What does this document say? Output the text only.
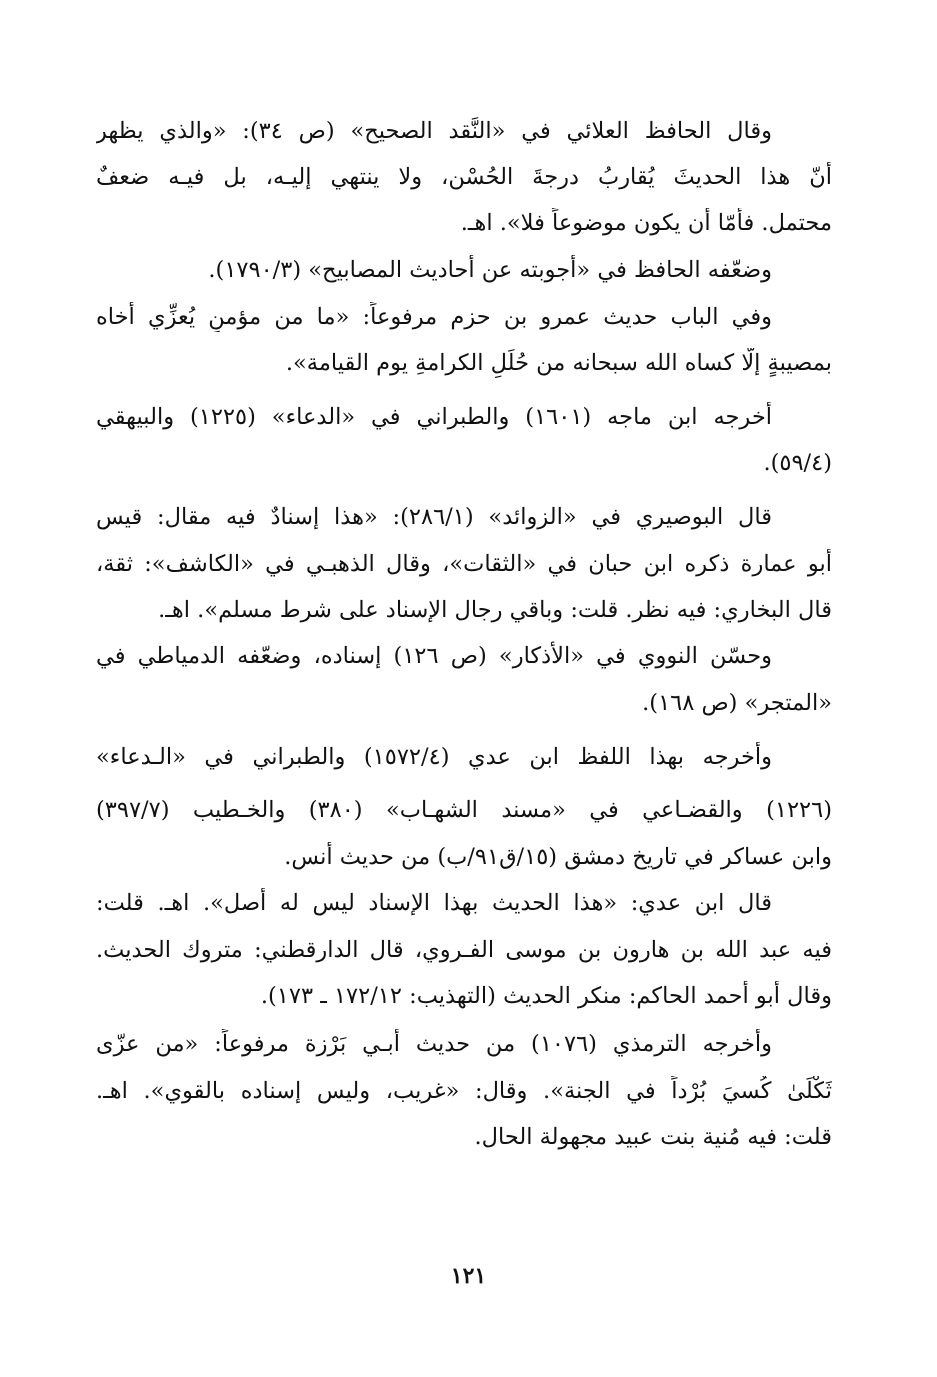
وقال الحافظ العلائي في «النَّقد الصحيح» (ص ٣٤): «والذي يظهر
أنّ هذا الحديثَ يُقاربُ درجةَ الحُسْن، ولا ينتهي إليـه، بل فيـه ضعفٌ
محتمل. فأمّا أن يكون موضوعاً فلا». اهـ.
وضعّفه الحافظ في «أجوبته عن أحاديث المصابيح» (١٧٩٠/٣).
وفي الباب حديث عمرو بن حزم مرفوعاً: «ما من مؤمنٍ يُعزِّي أخاه
بمصيبةٍ إلّا كساه الله سبحانه من حُلَلِ الكرامةِ يوم القيامة».
أخرجه ابن ماجه (١٦٠١) والطبراني في «الدعاء» (١٢٢٥) والبيهقي
(٥٩/٤).
قال البوصيري في «الزوائد» (٢٨٦/١): «هذا إسنادٌ فيه مقال: قيس
أبو عمارة ذكره ابن حبان في «الثقات»، وقال الذهبـي في «الكاشف»: ثقة،
قال البخاري: فيه نظر. قلت: وباقي رجال الإسناد على شرط مسلم». اهـ.
وحسّن النووي في «الأذكار» (ص ١٢٦) إسناده، وضعّفه الدمياطي في
«المتجر» (ص ١٦٨).
وأخرجه بهذا اللفظ ابن عدي (١٥٧٢/٤) والطبراني في «الـدعاء»
(١٢٢٦) والقضـاعي في «مسند الشهـاب» (٣٨٠) والخـطيب (٣٩٧/٧)
وابن عساكر في تاريخ دمشق (١٥/ق٩١/ب) من حديث أنس.
قال ابن عدي: «هذا الحديث بهذا الإسناد ليس له أصل». اهـ. قلت:
فيه عبد الله بن هارون بن موسى الفـروي، قال الدارقطني: متروك الحديث.
وقال أبو أحمد الحاكم: منكر الحديث (التهذيب: ١٧٢/١٢ ـ ١٧٣).
وأخرجه الترمذي (١٠٧٦) من حديث أبـي بَرْزة مرفوعاً: «من عزّى
ثَكْلَىٰ كُسيَ بُرْداً في الجنة». وقال: «غريب، وليس إسناده بالقوي». اهـ.
قلت: فيه مُنية بنت عبيد مجهولة الحال.
١٢١
